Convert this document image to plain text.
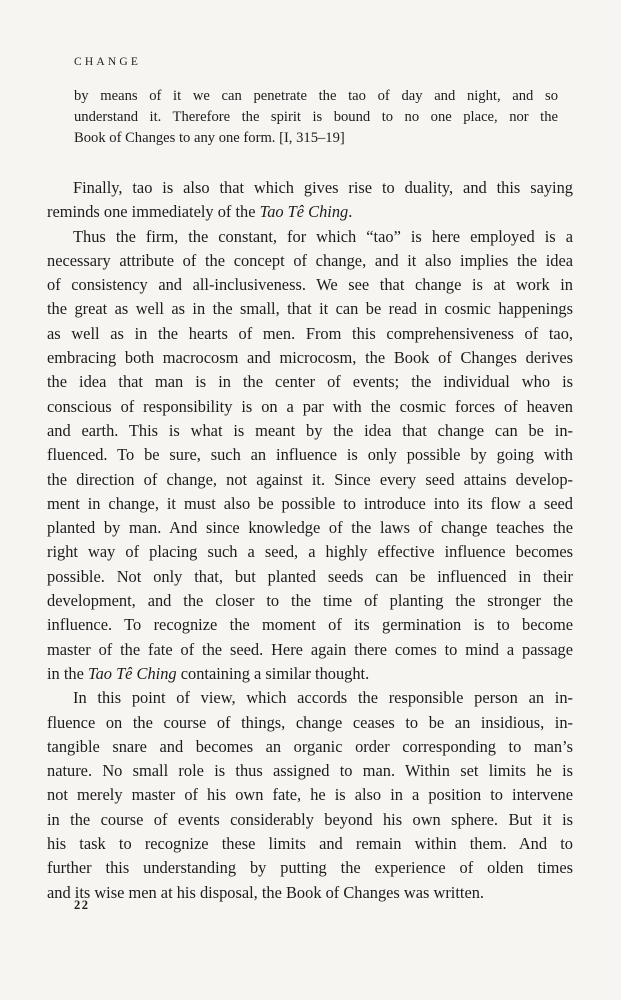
CHANGE
by means of it we can penetrate the tao of day and night, and so
understand it. Therefore the spirit is bound to no one place, nor the
Book of Changes to any one form. [I, 315–19]
Finally, tao is also that which gives rise to duality, and this saying
reminds one immediately of the Tao Tê Ching.
Thus the firm, the constant, for which “tao” is here employed is a
necessary attribute of the concept of change, and it also implies the idea
of consistency and all-inclusiveness. We see that change is at work in
the great as well as in the small, that it can be read in cosmic happenings
as well as in the hearts of men. From this comprehensiveness of tao,
embracing both macrocosm and microcosm, the Book of Changes derives
the idea that man is in the center of events; the individual who is
conscious of responsibility is on a par with the cosmic forces of heaven
and earth. This is what is meant by the idea that change can be in-
fluenced. To be sure, such an influence is only possible by going with
the direction of change, not against it. Since every seed attains develop-
ment in change, it must also be possible to introduce into its flow a seed
planted by man. And since knowledge of the laws of change teaches the
right way of placing such a seed, a highly effective influence becomes
possible. Not only that, but planted seeds can be influenced in their
development, and the closer to the time of planting the stronger the
influence. To recognize the moment of its germination is to become
master of the fate of the seed. Here again there comes to mind a passage
in the Tao Tê Ching containing a similar thought.
In this point of view, which accords the responsible person an in-
fluence on the course of things, change ceases to be an insidious, in-
tangible snare and becomes an organic order corresponding to man’s
nature. No small role is thus assigned to man. Within set limits he is
not merely master of his own fate, he is also in a position to intervene
in the course of events considerably beyond his own sphere. But it is
his task to recognize these limits and remain within them. And to
further this understanding by putting the experience of olden times
and its wise men at his disposal, the Book of Changes was written.
22
